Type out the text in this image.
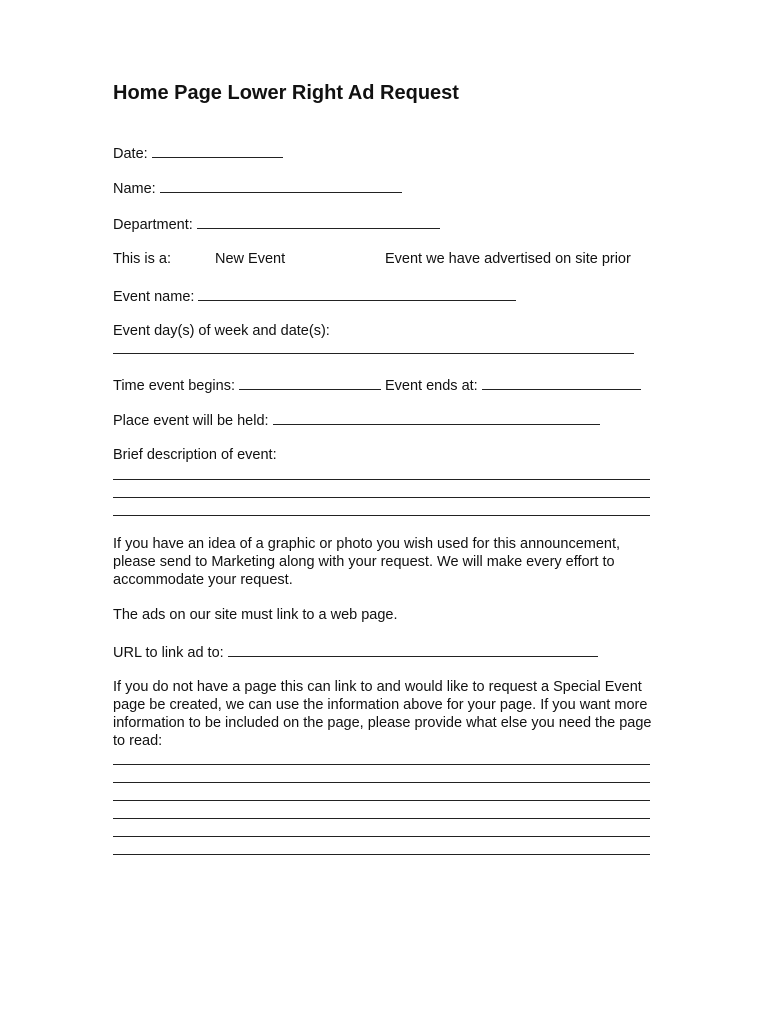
Home Page Lower Right Ad Request
Date:
Name:
Department:
This is a:	New Event	Event we have advertised on site prior
Event name:
Event day(s) of week and date(s):
Time event begins:	Event ends at:
Place event will be held:
Brief description of event:
If you have an idea of a graphic or photo you wish used for this announcement, please send to Marketing along with your request. We will make every effort to accommodate your request.
The ads on our site must link to a web page.
URL to link ad to:
If you do not have a page this can link to and would like to request a Special Event page be created, we can use the information above for your page. If you want more information to be included on the page, please provide what else you need the page to read:
